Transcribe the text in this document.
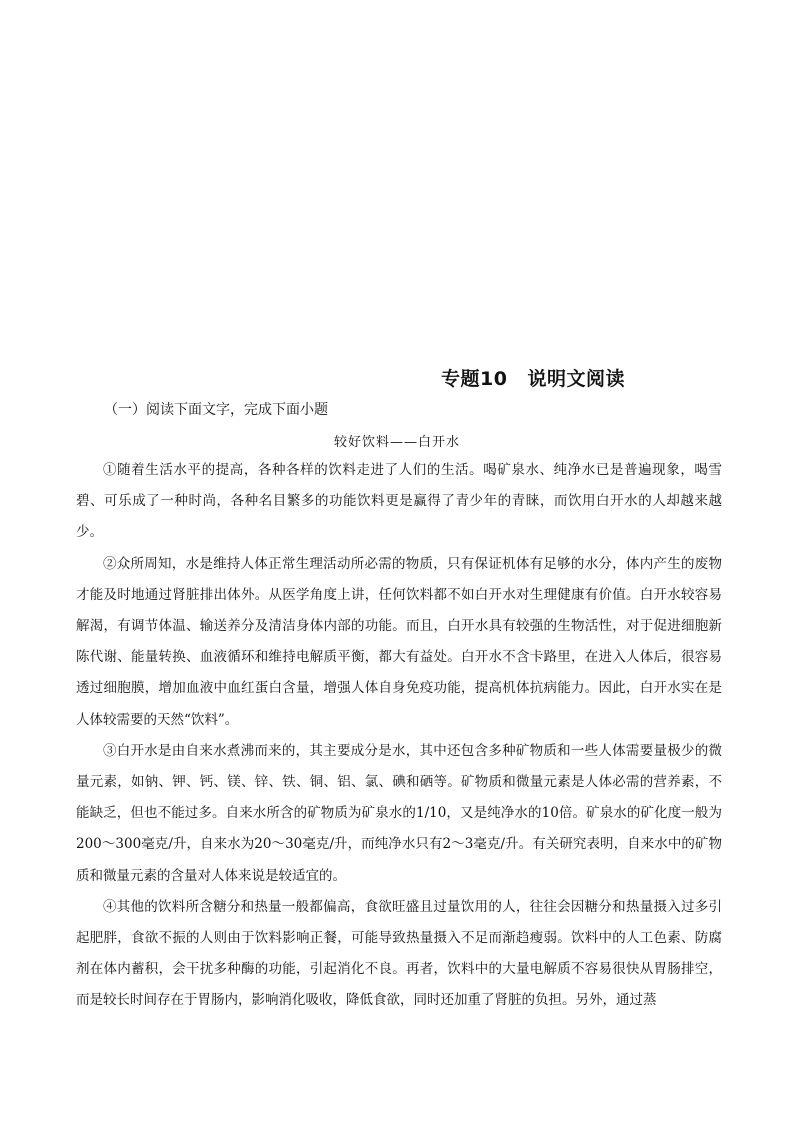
专题10 说明文阅读
（一）阅读下面文字，完成下面小题
较好饮料——白开水

①随着生活水平的提高，各种各样的饮料走进了人们的生活。喝矿泉水、纯净水已是普遍现象，喝雪碧、可乐成了一种时尚，各种名目繁多的功能饮料更是赢得了青少年的青睐，而饮用白开水的人却越来越少。

②众所周知，水是维持人体正常生理活动所必需的物质，只有保证机体有足够的水分，体内产生的废物才能及时地通过肾脏排出体外。从医学角度上讲，任何饮料都不如白开水对生理健康有价值。白开水较容易解渴，有调节体温、输送养分及清洁身体内部的功能。而且，白开水具有较强的生物活性，对于促进细胞新陈代谢、能量转换、血液循环和维持电解质平衡，都大有益处。白开水不含卡路里，在进入人体后，很容易透过细胞膜，增加血液中血红蛋白含量，增强人体自身免疫功能，提高机体抗病能力。因此，白开水实在是人体较需要的天然“饮料”。

③白开水是由自来水煮沸而来的，其主要成分是水，其中还包含多种矿物质和一些人体需要量极少的微量元素，如钠、钾、钙、镁、锌、铁、铜、铝、氯、碘和硒等。矿物质和微量元素是人体必需的营养素，不能缺乏，但也不能过多。自来水所含的矿物质为矿泉水的1/10，又是纯净水的10倍。矿泉水的矿化度一般为200～300毫克/升，自来水为20～30毫克/升，而纯净水只有2～3毫克/升。有关研究表明，自来水中的矿物质和微量元素的含量对人体来说是较适宜的。

④其他的饮料所含糖分和热量一般都偏高，食欲旺盛且过量饮用的人，往往会因糖分和热量摄入过多引起肥胖，食欲不振的人则由于饮料影响正餐，可能导致热量摄入不足而渐趋瘦弱。饮料中的人工色素、防腐剂在体内蓄积，会干扰多种酶的功能，引起消化不良。再者，饮料中的大量电解质不容易很快从胃肠排空，而是较长时间存在于胃肠内，影响消化吸收，降低食欲，同时还加重了肾脏的负担。另外，通过蒸
